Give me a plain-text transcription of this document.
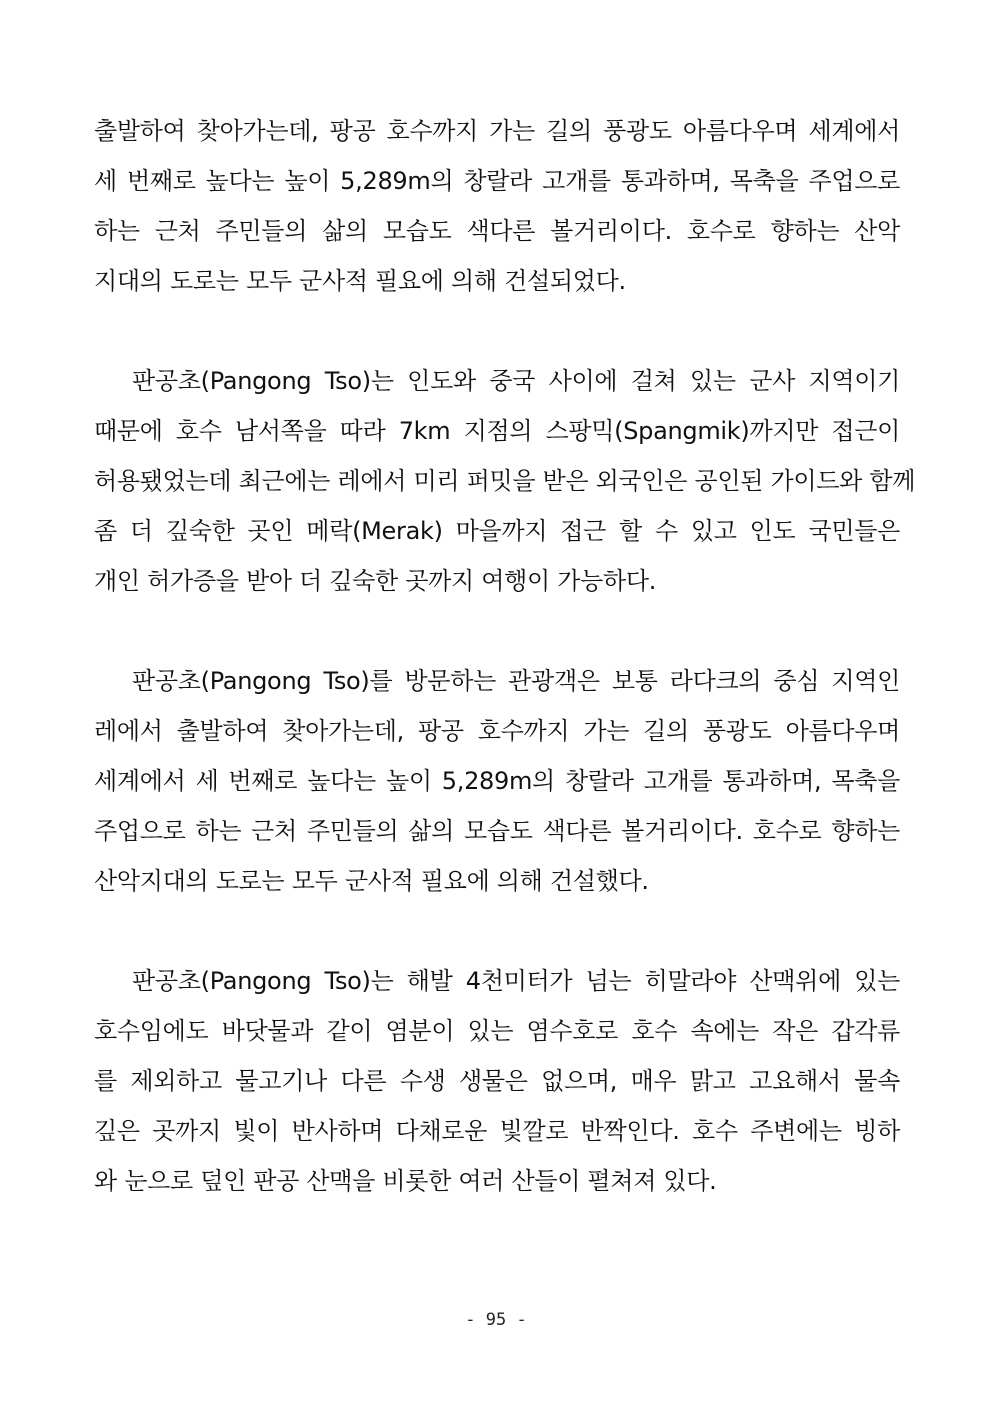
출발하여 찾아가는데, 팡공 호수까지 가는 길의 풍광도 아름다우며 세계에서
세 번째로 높다는 높이 5,289m의 창랄라 고개를 통과하며, 목축을 주업으로
하는 근처 주민들의 삶의 모습도 색다른 볼거리이다. 호수로 향하는 산악
지대의 도로는 모두 군사적 필요에 의해 건설되었다.
판공초(Pangong Tso)는 인도와 중국 사이에 걸쳐 있는 군사 지역이기
때문에 호수 남서쪽을 따라 7km 지점의 스팡믹(Spangmik)까지만 접근이
허용됐었는데 최근에는 레에서 미리 퍼밋을 받은 외국인은 공인된 가이드와 함께
좀 더 깊숙한 곳인 메락(Merak) 마을까지 접근 할 수 있고 인도 국민들은
개인 허가증을 받아 더 깊숙한 곳까지 여행이 가능하다.
판공초(Pangong Tso)를 방문하는 관광객은 보통 라다크의 중심 지역인
레에서 출발하여 찾아가는데, 팡공 호수까지 가는 길의 풍광도 아름다우며
세계에서 세 번째로 높다는 높이 5,289m의 창랄라 고개를 통과하며, 목축을
주업으로 하는 근처 주민들의 삶의 모습도 색다른 볼거리이다. 호수로 향하는
산악지대의 도로는 모두 군사적 필요에 의해 건설했다.
판공초(Pangong Tso)는 해발 4천미터가 넘는 히말라야 산맥위에 있는
호수임에도 바닷물과 같이 염분이 있는 염수호로 호수 속에는 작은 갑각류
를 제외하고 물고기나 다른 수생 생물은 없으며, 매우 맑고 고요해서 물속
깊은 곳까지 빛이 반사하며 다채로운 빛깔로 반짝인다. 호수 주변에는 빙하
와 눈으로 덮인 판공 산맥을 비롯한 여러 산들이 펼쳐져 있다.
- 95 -
